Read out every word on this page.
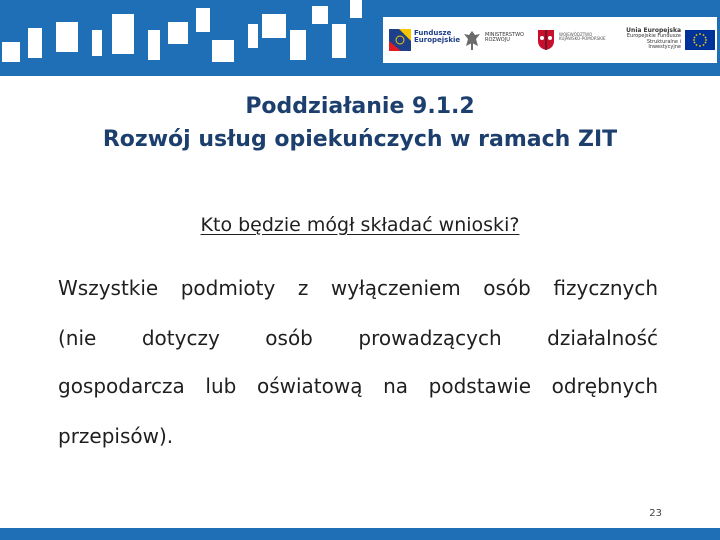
Fundusze
Europejskie
MINISTERSTWO
ROZWOJU
WOJEWÓDZTWO
KUJAWSKO-POMORSKIE
Unia Europejska
Europejskie Fundusze
Strukturalne i Inwestycyjne
Poddziałanie 9.1.2
Rozwój usług opiekuńczych w ramach ZIT
Kto będzie mógł składać wnioski?
Wszystkie podmioty z wyłączeniem osób fizycznych
(nie dotyczy osób prowadzących działalność
gospodarcza lub oświatową na podstawie odrębnych
przepisów).
23
